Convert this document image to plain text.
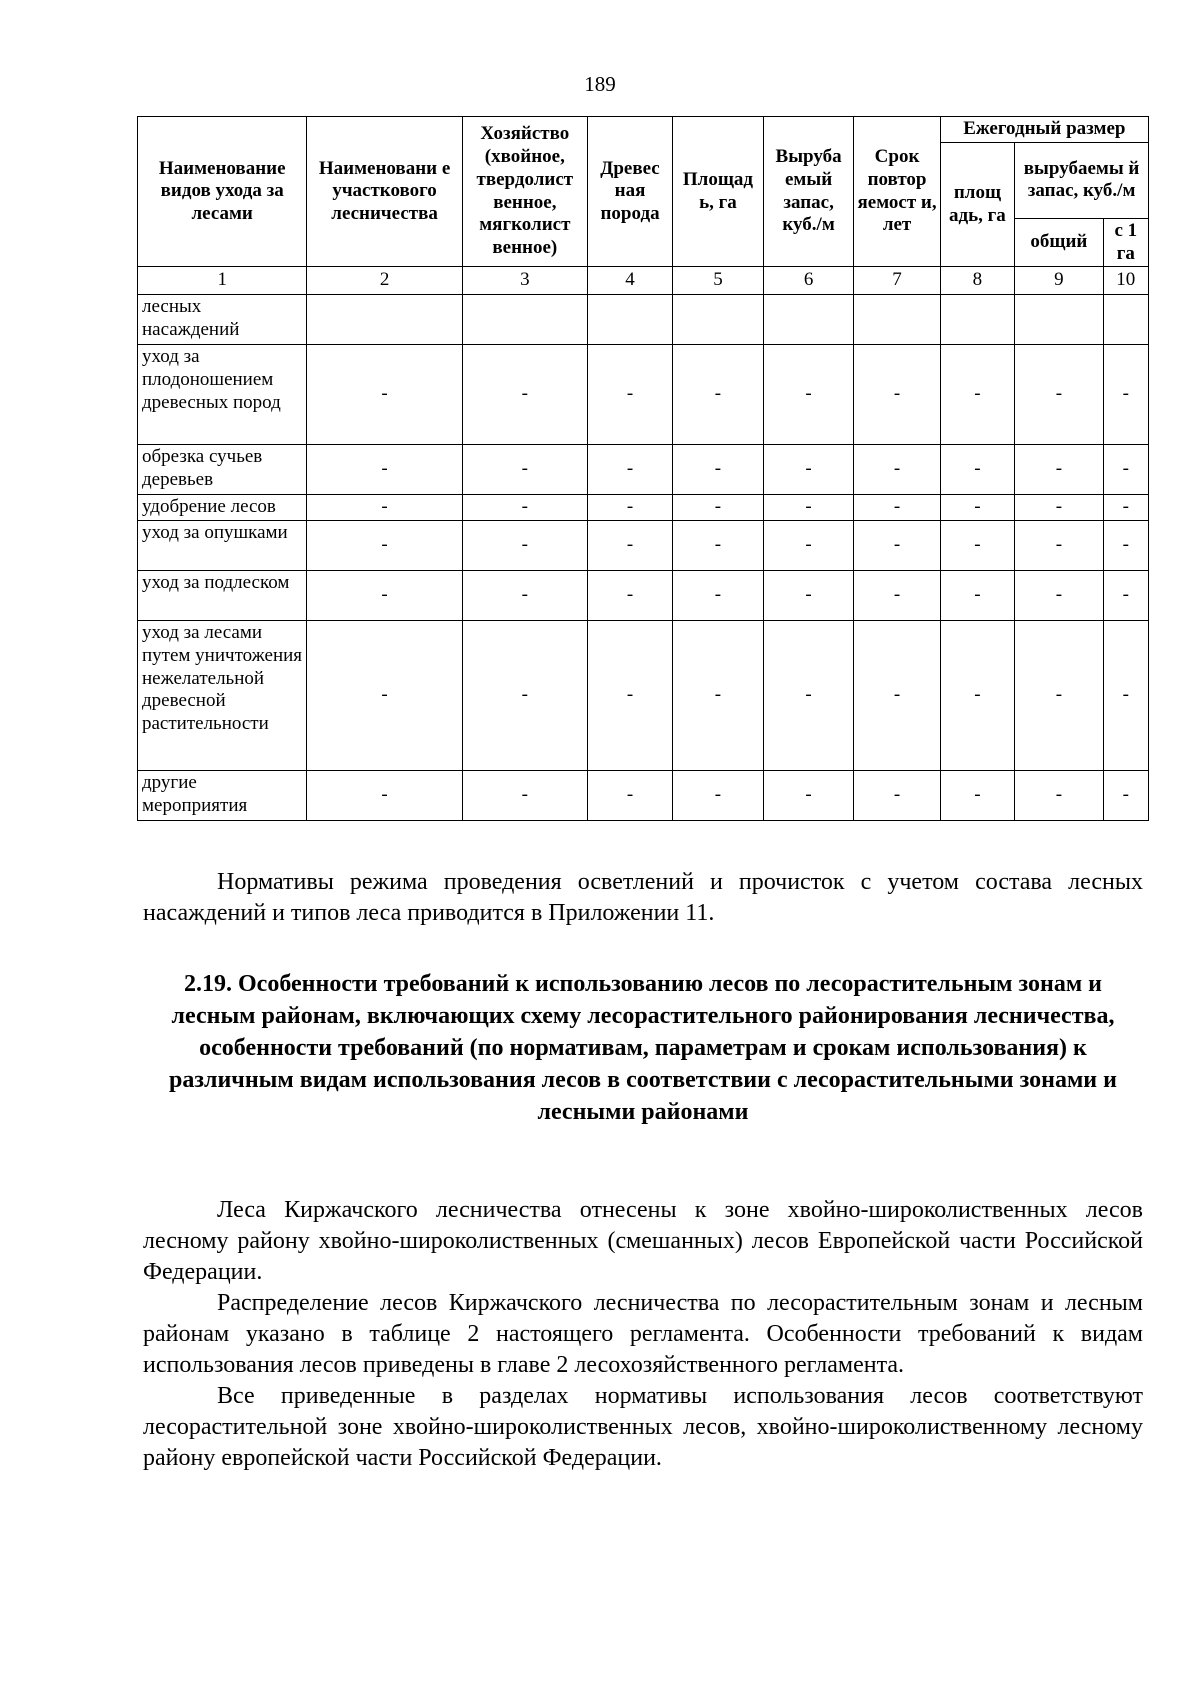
189
Наименование видов ухода за лесами	Наименовани е участкового лесничества	Хозяйство (хвойное, твердолист венное, мягколист венное)	Древес ная порода	Площад ь, га	Выруба емый запас, куб./м	Срок повтор яемост и, лет	Ежегодный размер		
							площ адь, га	вырубаемы й запас, куб./м	
								общий	с 1 га
1	2	3	4	5	6	7	8	9	10
лесных насаждений									
уход за плодоношением древесных пород	-	-	-	-	-	-	-	-	-
обрезка сучьев деревьев	-	-	-	-	-	-	-	-	-
удобрение лесов	-	-	-	-	-	-	-	-	-
уход за опушками	-	-	-	-	-	-	-	-	-
уход за подлеском	-	-	-	-	-	-	-	-	-
уход за лесами путем уничтожения нежелательной древесной растительности	-	-	-	-	-	-	-	-	-
другие мероприятия	-	-	-	-	-	-	-	-	-
Нормативы режима проведения осветлений и прочисток с учетом состава лесных насаждений и типов леса приводится в Приложении 11.
2.19. Особенности требований к использованию лесов по лесорастительным зонам и лесным районам, включающих схему лесорастительного районирования лесничества, особенности требований (по нормативам, параметрам и срокам использования) к различным видам использования лесов в соответствии с лесорастительными зонами и лесными районами

Леса Киржачского лесничества отнесены к зоне хвойно-широколиственных лесов лесному району хвойно-широколиственных (смешанных) лесов Европейской части Российской Федерации.

Распределение лесов Киржачского лесничества по лесорастительным зонам и лесным районам указано в таблице 2 настоящего регламента. Особенности требований к видам использования лесов приведены в главе 2 лесохозяйственного регламента.

Все приведенные в разделах нормативы использования лесов соответствуют лесорастительной зоне хвойно-широколиственных лесов, хвойно-широколиственному лесному району европейской части Российской Федерации.
